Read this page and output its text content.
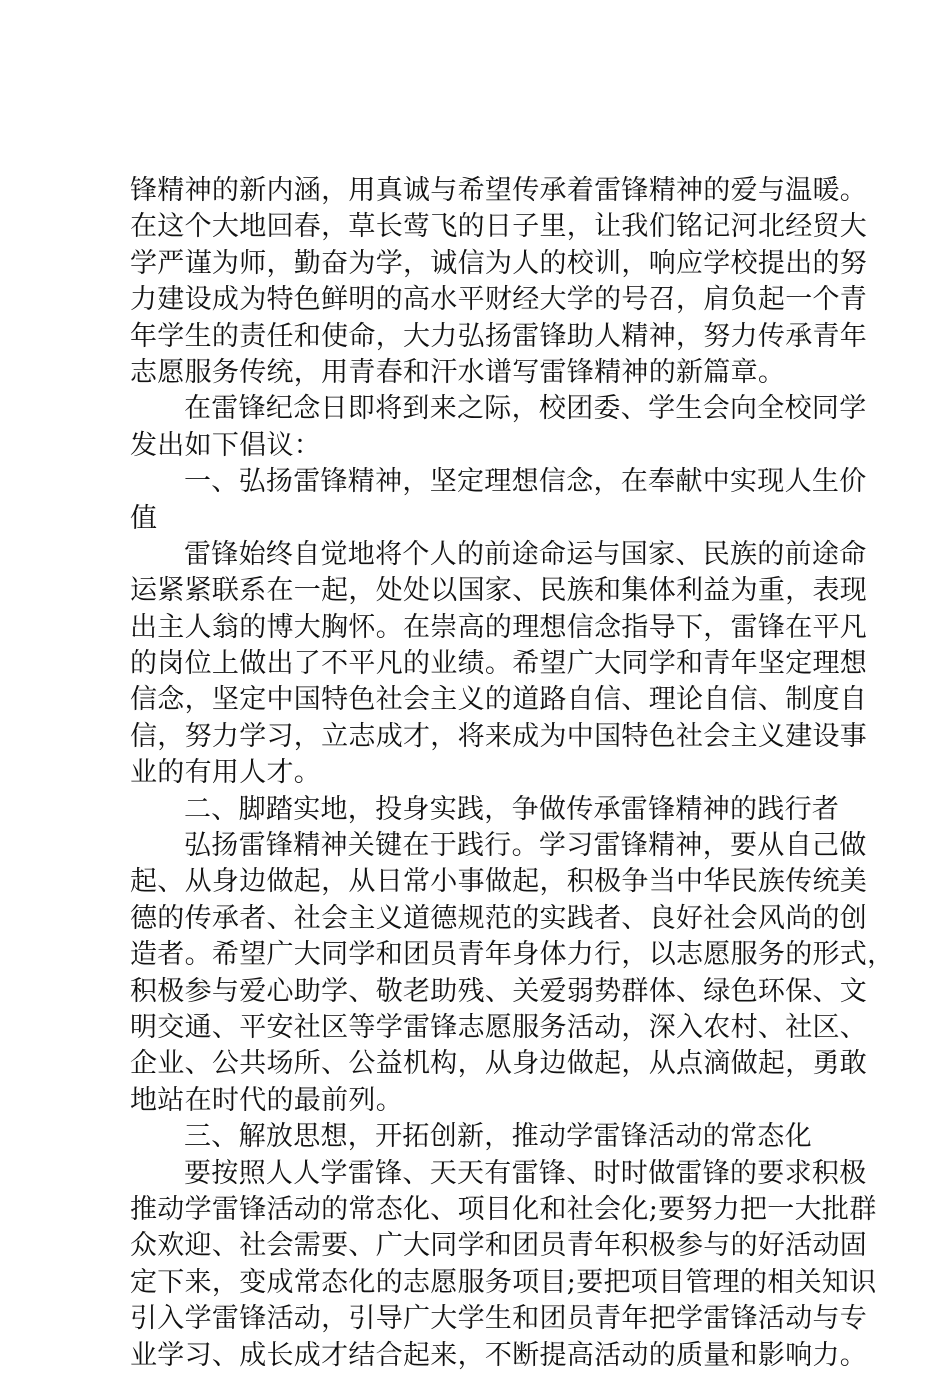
锋精神的新内涵，用真诚与希望传承着雷锋精神的爱与温暖。
在这个大地回春，草长莺飞的日子里，让我们铭记河北经贸大
学严谨为师，勤奋为学，诚信为人的校训，响应学校提出的努
力建设成为特色鲜明的高水平财经大学的号召，肩负起一个青
年学生的责任和使命，大力弘扬雷锋助人精神，努力传承青年
志愿服务传统，用青春和汗水谱写雷锋精神的新篇章。
在雷锋纪念日即将到来之际，校团委、学生会向全校同学
发出如下倡议：
一、弘扬雷锋精神，坚定理想信念，在奉献中实现人生价
值
雷锋始终自觉地将个人的前途命运与国家、民族的前途命
运紧紧联系在一起，处处以国家、民族和集体利益为重，表现
出主人翁的博大胸怀。在崇高的理想信念指导下，雷锋在平凡
的岗位上做出了不平凡的业绩。希望广大同学和青年坚定理想
信念，坚定中国特色社会主义的道路自信、理论自信、制度自
信，努力学习，立志成才，将来成为中国特色社会主义建设事
业的有用人才。
二、脚踏实地，投身实践，争做传承雷锋精神的践行者
弘扬雷锋精神关键在于践行。学习雷锋精神，要从自己做
起、从身边做起，从日常小事做起，积极争当中华民族传统美
德的传承者、社会主义道德规范的实践者、良好社会风尚的创
造者。希望广大同学和团员青年身体力行，以志愿服务的形式，
积极参与爱心助学、敬老助残、关爱弱势群体、绿色环保、文
明交通、平安社区等学雷锋志愿服务活动，深入农村、社区、
企业、公共场所、公益机构，从身边做起，从点滴做起，勇敢
地站在时代的最前列。
三、解放思想，开拓创新，推动学雷锋活动的常态化
要按照人人学雷锋、天天有雷锋、时时做雷锋的要求积极
推动学雷锋活动的常态化、项目化和社会化;要努力把一大批群
众欢迎、社会需要、广大同学和团员青年积极参与的好活动固
定下来，变成常态化的志愿服务项目;要把项目管理的相关知识
引入学雷锋活动，引导广大学生和团员青年把学雷锋活动与专
业学习、成长成才结合起来，不断提高活动的质量和影响力。
